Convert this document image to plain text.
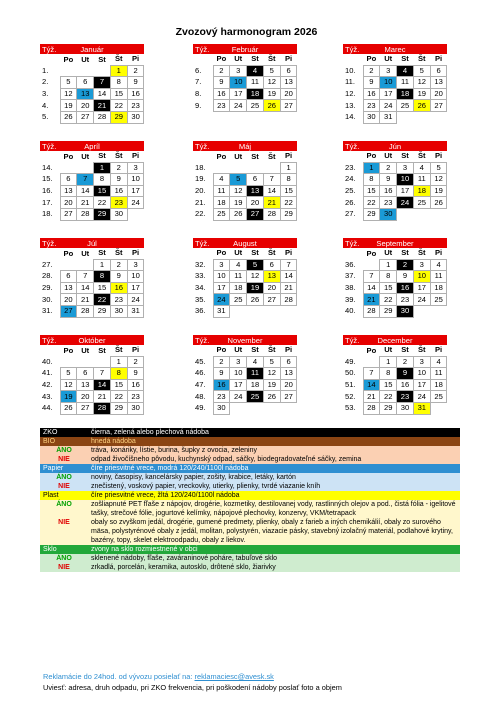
Zvozový harmonogram 2026
Týž.	Január
	Po	Ut	St	Št	Pi
1.				1	2
2.	5	6	7	8	9
3.	12	13	14	15	16
4.	19	20	21	22	23
5.	26	27	28	29	30
Týž.	Február
	Po	Ut	St	Št	Pi
6.	2	3	4	5	6
7.	9	10	11	12	13
8.	16	17	18	19	20
9.	23	24	25	26	27
Týž.	Marec
	Po	Ut	St	Št	Pi
10.	2	3	4	5	6
11.	9	10	11	12	13
12.	16	17	18	19	20
13.	23	24	25	26	27
14.	30	31			
Týž.	Apríl
	Po	Ut	St	Št	Pi
14.			1	2	3
15.	6	7	8	9	10
16.	13	14	15	16	17
17.	20	21	22	23	24
18.	27	28	29	30	
Týž.	Máj
	Po	Ut	St	Št	Pi
18.					1
19.	4	5	6	7	8
20.	11	12	13	14	15
21.	18	19	20	21	22
22.	25	26	27	28	29
Týž.	Jún
	Po	Ut	St	Št	Pi
23.	1	2	3	4	5
24.	8	9	10	11	12
25.	15	16	17	18	19
26.	22	23	24	25	26
27.	29	30			
Týž.	Júl
	Po	Ut	St	Št	Pi
27.			1	2	3
28.	6	7	8	9	10
29.	13	14	15	16	17
30.	20	21	22	23	24
31.	27	28	29	30	31
Týž.	August
	Po	Ut	St	Št	Pi
32.	3	4	5	6	7
33.	10	11	12	13	14
34.	17	18	19	20	21
35.	24	25	26	27	28
36.	31				
Týž.	September
	Po	Ut	St	Št	Pi
36.		1	2	3	4
37.	7	8	9	10	11
38.	14	15	16	17	18
39.	21	22	23	24	25
40.	28	29	30		
Týž.	Október
	Po	Ut	St	Št	Pi
40.				1	2
41.	5	6	7	8	9
42.	12	13	14	15	16
43.	19	20	21	22	23
44.	26	27	28	29	30
Týž.	November
	Po	Ut	St	Št	Pi
45.	2	3	4	5	6
46.	9	10	11	12	13
47.	16	17	18	19	20
48.	23	24	25	26	27
49.	30				
Týž.	December
	Po	Ut	St	Št	Pi
49.		1	2	3	4
50.	7	8	9	10	11
51.	14	15	16	17	18
52.	21	22	23	24	25
53.	28	29	30	31	
ZKO	čierna, zelená alebo plechová nádoba
BIO	hnedá nádoba
ÁNO	tráva, konáriky, lístie, burina, šupky z ovocia, zeleniny
NIE	odpad živočíšneho pôvodu, kuchynský odpad, sáčky, biodegradovateľné sáčky, zemina
Papier	číre priesvitné vrece, modrá 120/240/1100l nádoba
ÁNO	noviny, časopisy, kancelársky papier, zošity, krabice, letáky, kartón
NIE	znečistený, voskový papier, vreckovky, utierky, plienky, tvrdé viazanie kníh
Plast	číre priesvitné vrece, žltá 120/240/1100l nádoba
ÁNO	zošliapnuté PET fľaše z nápojov, drogérie, kozmetiky, destilovanej vody, rastlinných olejov a pod., čistá fólia - igelitové tašky, strečové fólie, jogurtové kelímky, nápojové plechovky, konzervy, VKM/tetrapack
NIE	obaly so zvyškom jedál, drogérie, gumené predmety, plienky, obaly z farieb a iných chemikálií, obaly zo surového mäsa, polystyrénové obaly z jedál, molitan, polystyrén, viazacie pásky, stavebný izolačný materiál, podlahové krytiny, bazény, topy, skelet elektroodpadu, obaly z liekov.
Sklo	zvony na sklo rozmiestnené v obci
ÁNO	sklenené nádoby, fľaše, zaváraninové poháre, tabuľové sklo
NIE	zrkadlá, porcelán, keramika, autosklo, drôtené sklo, žiarivky
Reklamácie do 24hod. od vývozu posielať na: reklamaciesc@avesk.sk
Uviesť: adresa, druh odpadu, pri ZKO frekvencia, pri poškodení nádoby poslať foto a objem
